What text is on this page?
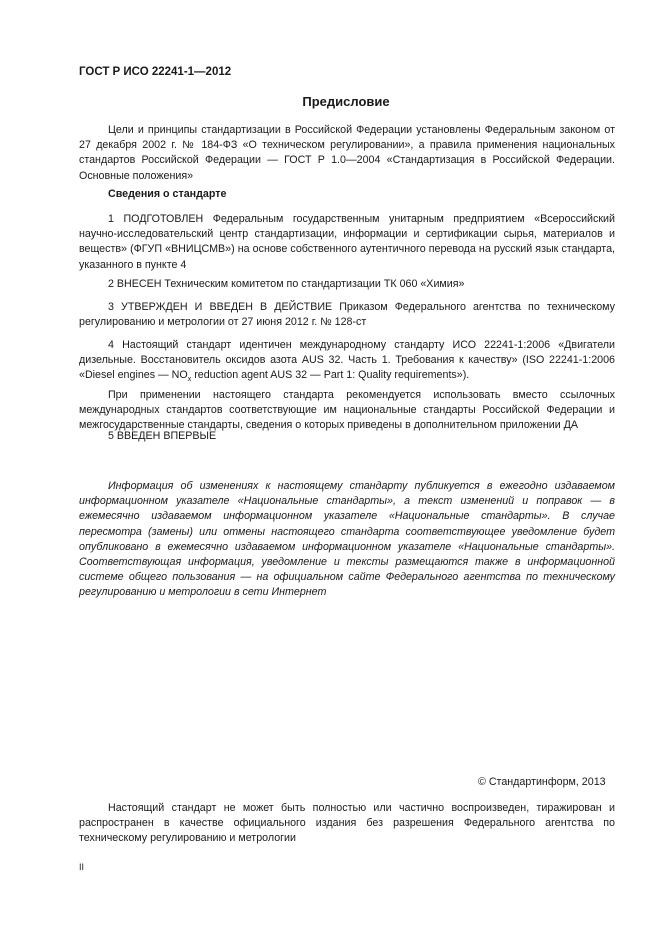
ГОСТ Р ИСО 22241-1—2012
Предисловие

Цели и принципы стандартизации в Российской Федерации установлены Федеральным законом от 27 декабря 2002 г. № 184-ФЗ «О техническом регулировании», а правила применения национальных стандартов Российской Федерации — ГОСТ Р 1.0—2004 «Стандартизация в Российской Федерации. Основные положения»

Сведения о стандарте

1 ПОДГОТОВЛЕН Федеральным государственным унитарным предприятием «Всероссийский научно-исследовательский центр стандартизации, информации и сертификации сырья, материалов и веществ» (ФГУП «ВНИЦСМВ») на основе собственного аутентичного перевода на русский язык стандарта, указанного в пункте 4

2 ВНЕСЕН Техническим комитетом по стандартизации ТК 060 «Химия»

3 УТВЕРЖДЕН И ВВЕДЕН В ДЕЙСТВИЕ Приказом Федерального агентства по техническому регулированию и метрологии от 27 июня 2012 г. № 128-ст

4 Настоящий стандарт идентичен международному стандарту ИСО 22241-1:2006 «Двигатели дизельные. Восстановитель оксидов азота AUS 32. Часть 1. Требования к качеству» (ISO 22241-1:2006 «Diesel engines — $NO_x$ reduction agent AUS 32 — Part 1: Quality requirements»).

При применении настоящего стандарта рекомендуется использовать вместо ссылочных международных стандартов соответствующие им национальные стандарты Российской Федерации и межгосударственные стандарты, сведения о которых приведены в дополнительном приложении ДА

5 ВВЕДЕН ВПЕРВЫЕ

Информация об изменениях к настоящему стандарту публикуется в ежегодно издаваемом информационном указателе «Национальные стандарты», а текст изменений и поправок — в ежемесячно издаваемом информационном указателе «Национальные стандарты». В случае пересмотра (замены) или отмены настоящего стандарта соответствующее уведомление будет опубликовано в ежемесячно издаваемом информационном указателе «Национальные стандарты». Соответствующая информация, уведомление и тексты размещаются также в информационной системе общего пользования — на официальном сайте Федерального агентства по техническому регулированию и метрологии в сети Интернет

© Стандартинформ, 2013

Настоящий стандарт не может быть полностью или частично воспроизведен, тиражирован и распространен в качестве официального издания без разрешения Федерального агентства по техническому регулированию и метрологии

II
